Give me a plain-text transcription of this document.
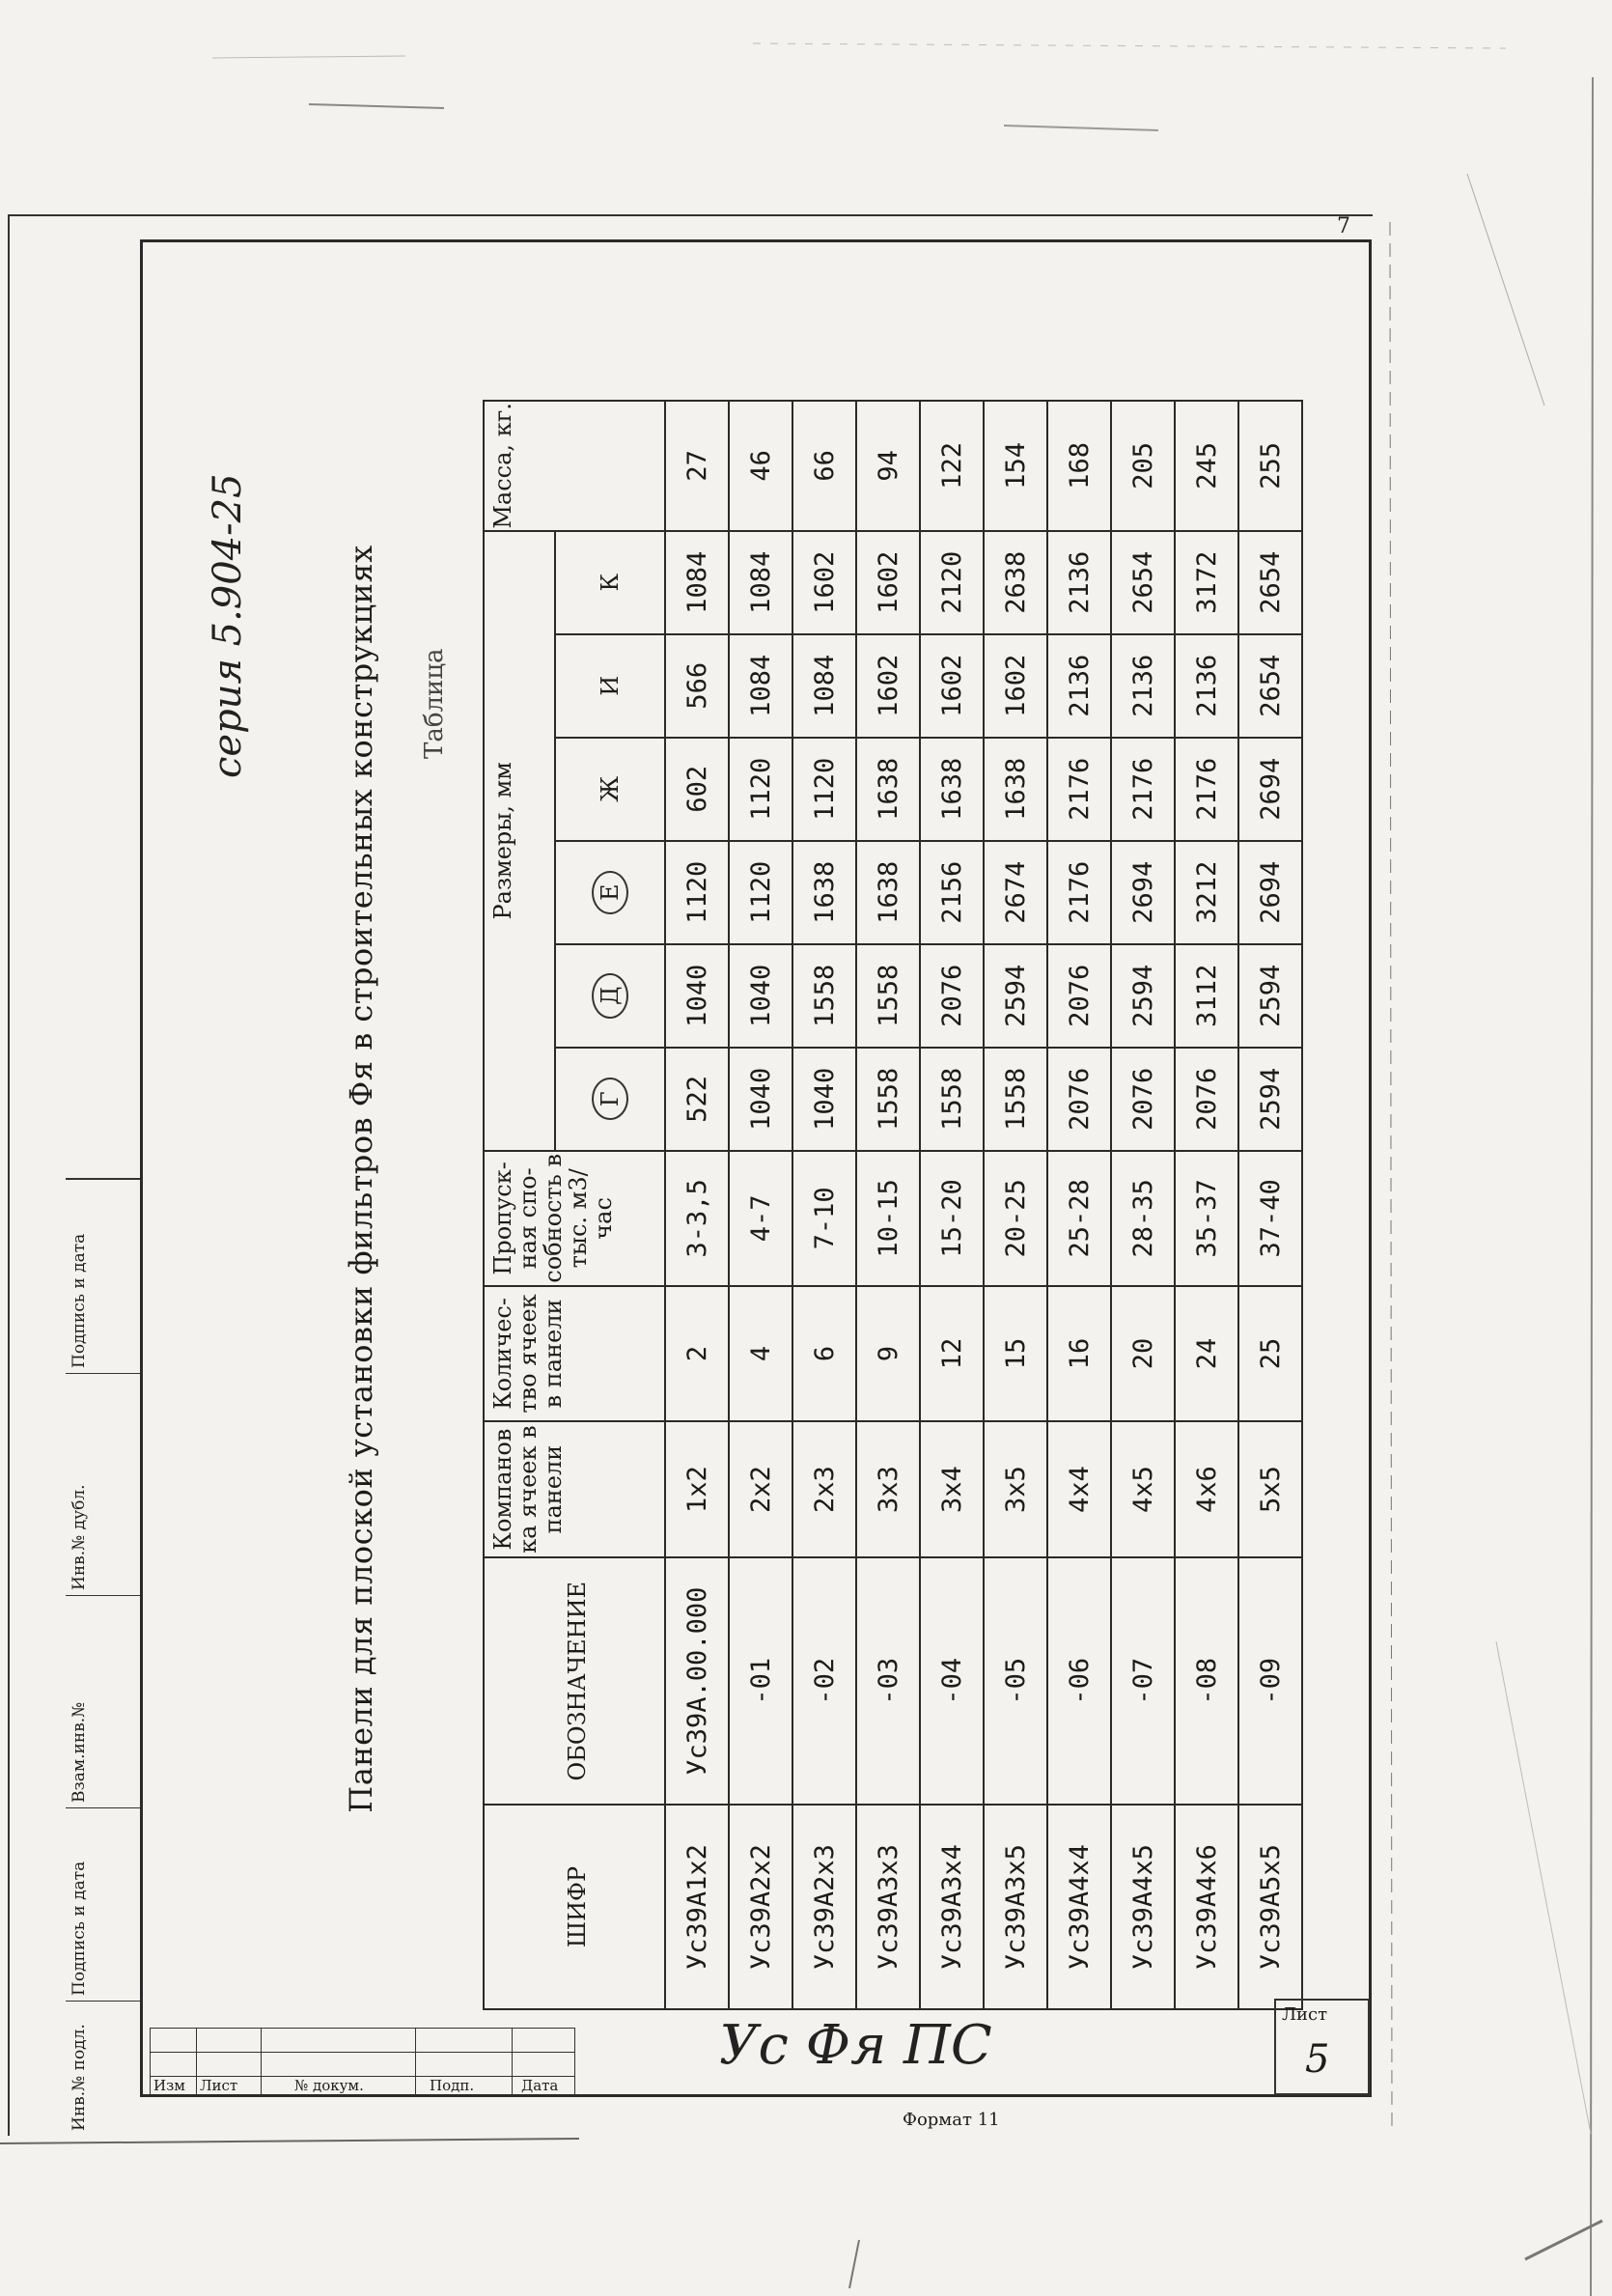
7
серия 5.904-25	Панели для плоской установки фильтров Фя в строительных конструкциях Таблица
ШИФР	ОБОЗНАЧЕНИЕ	Компанов ка ячеек в панели	Количес- тво ячеек в панели	Пропуск- ная спо- собность в тыс. м3/час	Размеры, мм						Масса, кг.
					Г	Д	Е	Ж	И	К	
Ус39А1х2	Ус39А.00.000	1х2	2	3-3,5	522	1040	1120	602	566	1084	27
Ус39А2х2	-01	2х2	4	4-7	1040	1040	1120	1120	1084	1084	46
Ус39А2х3	-02	2х3	6	7-10	1040	1558	1638	1120	1084	1602	66
Ус39А3х3	-03	3х3	9	10-15	1558	1558	1638	1638	1602	1602	94
Ус39А3х4	-04	3х4	12	15-20	1558	2076	2156	1638	1602	2120	122
Ус39А3х5	-05	3х5	15	20-25	1558	2594	2674	1638	1602	2638	154
Ус39А4х4	-06	4х4	16	25-28	2076	2076	2176	2176	2136	2136	168
Ус39А4х5	-07	4х5	20	28-35	2076	2594	2694	2176	2136	2654	205
Ус39А4х6	-08	4х6	24	35-37	2076	3112	3212	2176	2136	3172	245
Ус39А5х5	-09	5х5	25	37-40	2594	2594	2694	2694	2654	2654	255
Подпись и дата
Инв.№ дубл.
Взам.инв.№
Подпись и дата
Инв.№ подл.	Изм Лист	№ докум.	Подп.	Дата
Ус Фя ПС	Лист
5
Формат 11
